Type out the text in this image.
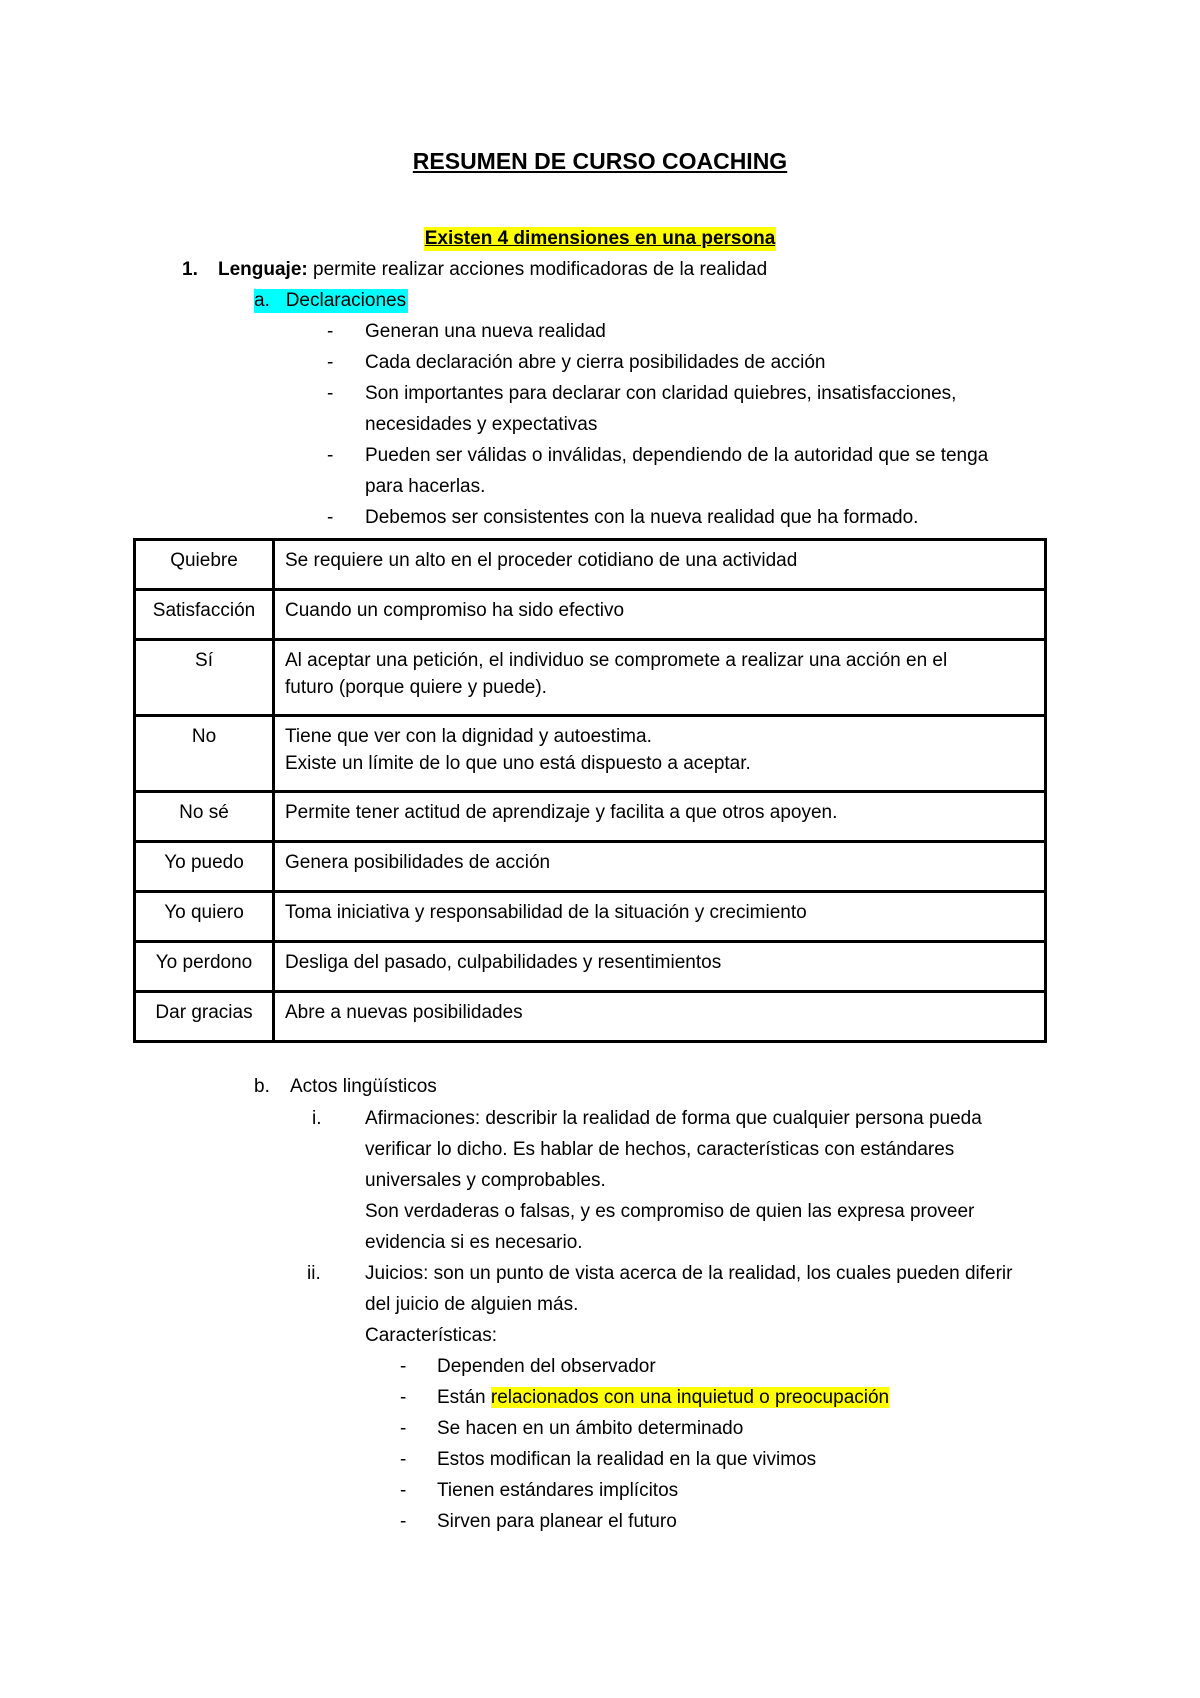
RESUMEN DE CURSO COACHING
Existen 4 dimensiones en una persona
1. Lenguaje: permite realizar acciones modificadoras de la realidad
a. Declaraciones
- Generan una nueva realidad
- Cada declaración abre y cierra posibilidades de acción
- Son importantes para declarar con claridad quiebres, insatisfacciones,
necesidades y expectativas
- Pueden ser válidas o inválidas, dependiendo de la autoridad que se tenga
para hacerlas.
- Debemos ser consistentes con la nueva realidad que ha formado.
Quiebre	Se requiere un alto en el proceder cotidiano de una actividad
Satisfacción	Cuando un compromiso ha sido efectivo
Sí	Al aceptar una petición, el individuo se compromete a realizar una acción en el
futuro (porque quiere y puede).
No	Tiene que ver con la dignidad y autoestima.
Existe un límite de lo que uno está dispuesto a aceptar.
No sé	Permite tener actitud de aprendizaje y facilita a que otros apoyen.
Yo puedo	Genera posibilidades de acción
Yo quiero	Toma iniciativa y responsabilidad de la situación y crecimiento
Yo perdono	Desliga del pasado, culpabilidades y resentimientos
Dar gracias	Abre a nuevas posibilidades
b. Actos lingüísticos
i. Afirmaciones: describir la realidad de forma que cualquier persona pueda
verificar lo dicho. Es hablar de hechos, características con estándares
universales y comprobables.
Son verdaderas o falsas, y es compromiso de quien las expresa proveer
evidencia si es necesario.
ii. Juicios: son un punto de vista acerca de la realidad, los cuales pueden diferir
del juicio de alguien más.
Características:
- Dependen del observador
- Están relacionados con una inquietud o preocupación
- Se hacen en un ámbito determinado
- Estos modifican la realidad en la que vivimos
- Tienen estándares implícitos
- Sirven para planear el futuro
